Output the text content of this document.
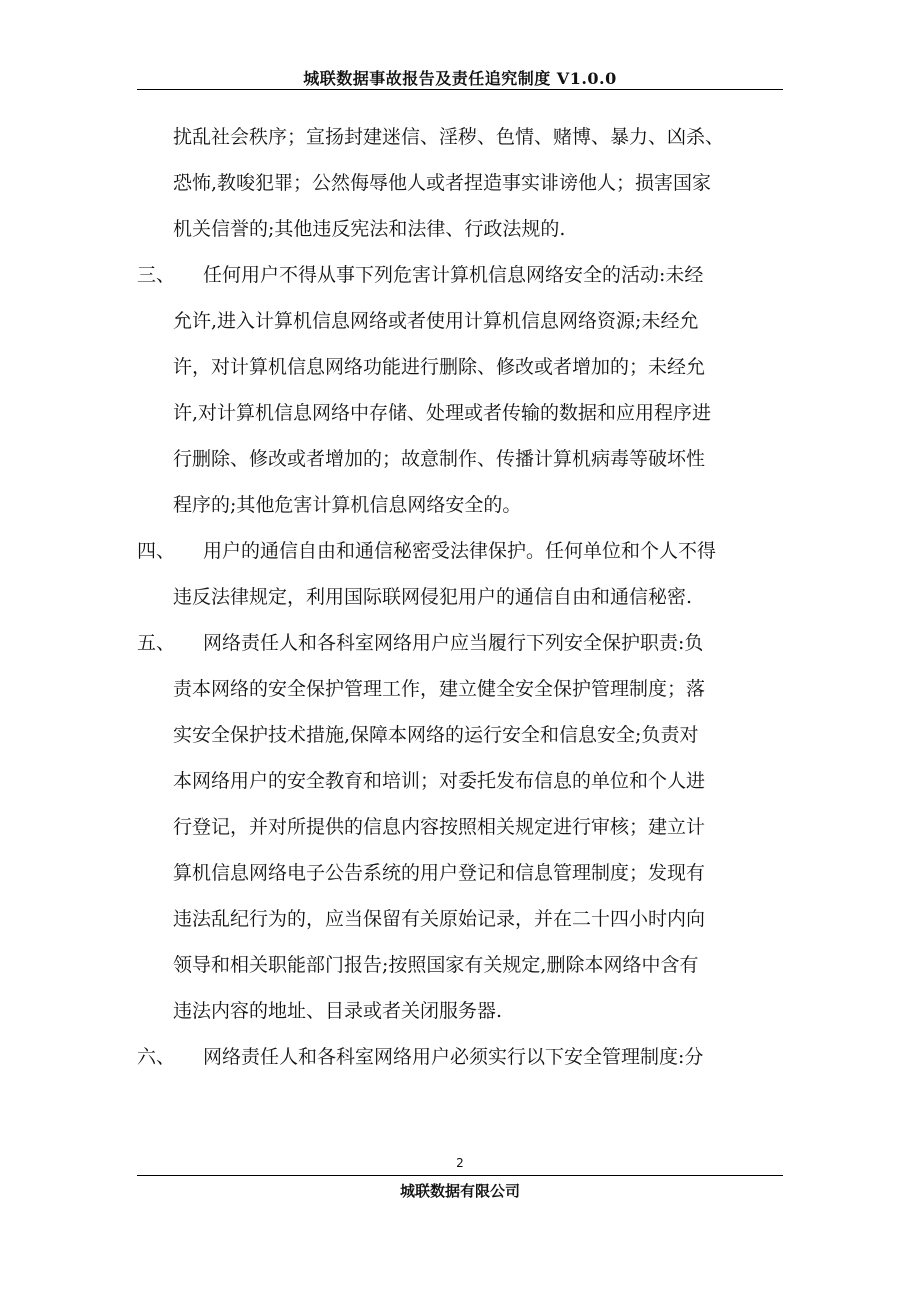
城联数据事故报告及责任追究制度 V1.0.0
扰乱社会秩序；宣扬封建迷信、淫秽、色情、赌博、暴力、凶杀、
恐怖,教唆犯罪；公然侮辱他人或者捏造事实诽谤他人；损害国家
机关信誉的;其他违反宪法和法律、行政法规的.
三、 任何用户不得从事下列危害计算机信息网络安全的活动:未经
允许,进入计算机信息网络或者使用计算机信息网络资源;未经允
许，对计算机信息网络功能进行删除、修改或者增加的；未经允
许,对计算机信息网络中存储、处理或者传输的数据和应用程序进
行删除、修改或者增加的；故意制作、传播计算机病毒等破坏性
程序的;其他危害计算机信息网络安全的。
四、 用户的通信自由和通信秘密受法律保护。任何单位和个人不得
违反法律规定，利用国际联网侵犯用户的通信自由和通信秘密.
五、 网络责任人和各科室网络用户应当履行下列安全保护职责:负
责本网络的安全保护管理工作，建立健全安全保护管理制度；落
实安全保护技术措施,保障本网络的运行安全和信息安全;负责对
本网络用户的安全教育和培训；对委托发布信息的单位和个人进
行登记，并对所提供的信息内容按照相关规定进行审核；建立计
算机信息网络电子公告系统的用户登记和信息管理制度；发现有
违法乱纪行为的，应当保留有关原始记录，并在二十四小时内向
领导和相关职能部门报告;按照国家有关规定,删除本网络中含有
违法内容的地址、目录或者关闭服务器.
六、 网络责任人和各科室网络用户必须实行以下安全管理制度:分
2
城联数据有限公司
